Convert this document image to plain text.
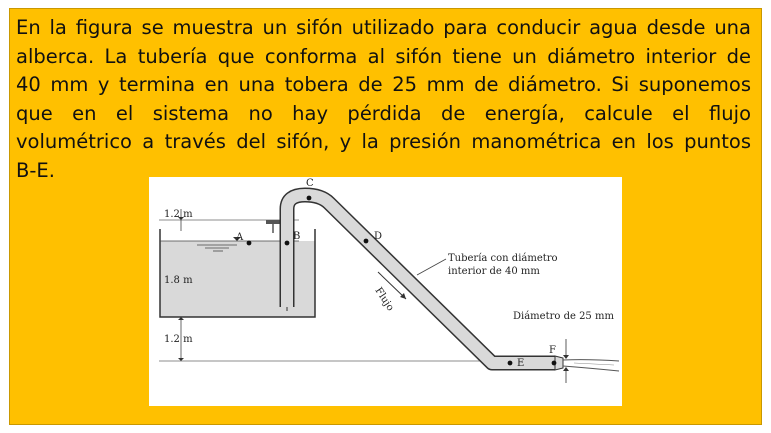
En la figura se muestra un sifón utilizado para conducir agua desde una
alberca. La tubería que conforma al sifón tiene un diámetro interior de
40 mm y termina en una tobera de 25 mm de diámetro. Si suponemos
que en el sistema no hay pérdida de energía, calcule el flujo
volumétrico a través del sifón, y la presión manométrica en los puntos
B-E.

1.2 m
1.8 m
1.2 m
A	B
C
D
E
F
Tubería con diámetro
interior de 40 mm
Diámetro de 25 mm
Flujo
